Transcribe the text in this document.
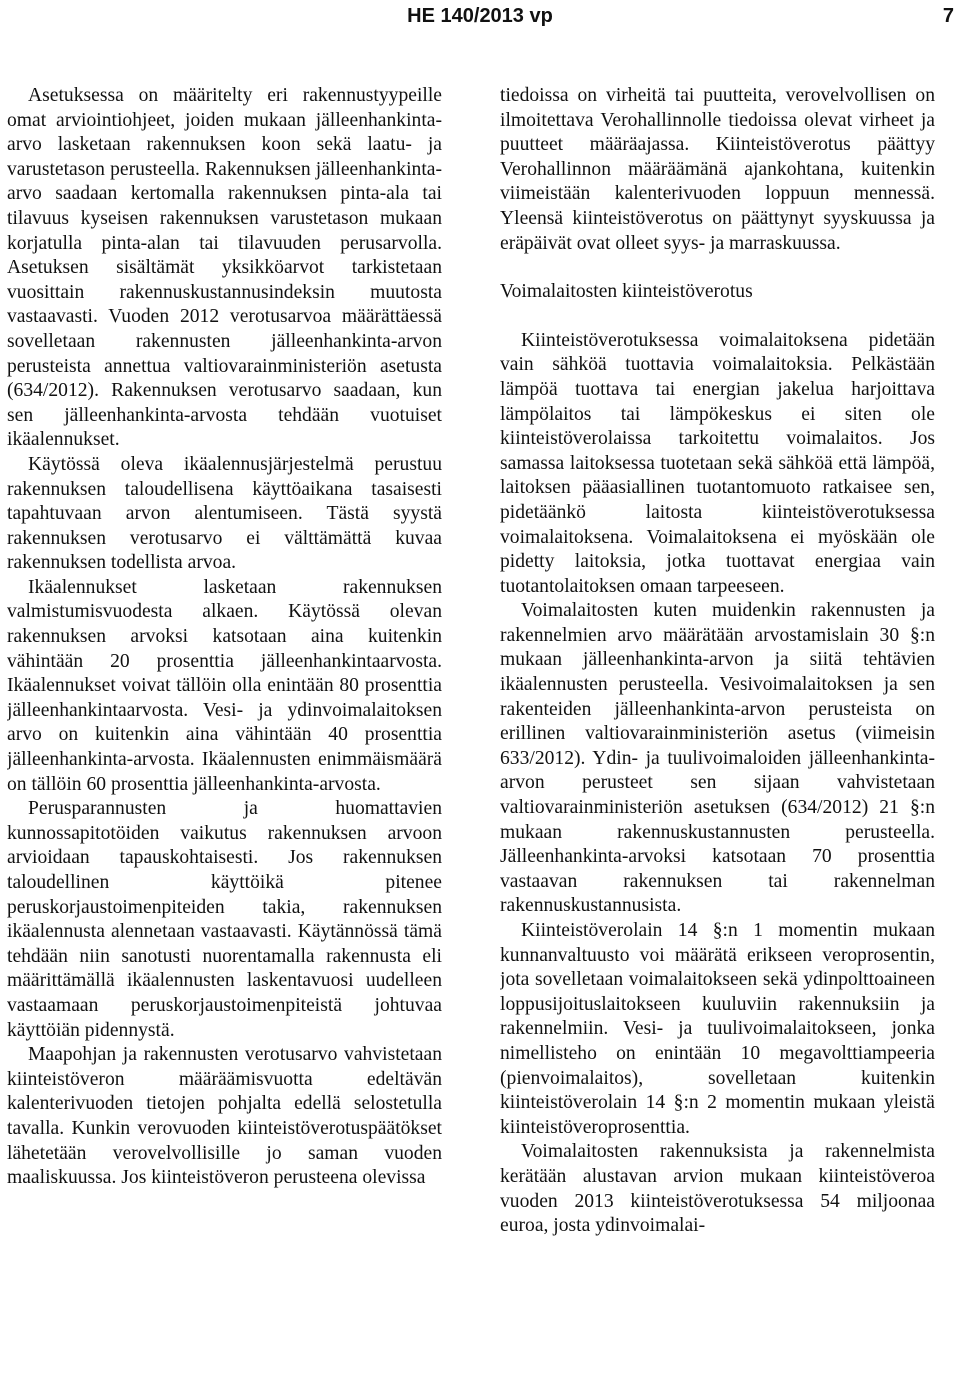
HE 140/2013 vp	7

Asetuksessa on määritelty eri rakennustyypeille omat arviointiohjeet, joiden mukaan jälleenhankinta-arvo lasketaan rakennuksen koon sekä laatu- ja varustetason perusteella. Rakennuksen jälleenhankinta-arvo saadaan kertomalla rakennuksen pinta-ala tai tilavuus kyseisen rakennuksen varustetason mukaan korjatulla pinta-alan tai tilavuuden perusarvolla. Asetuksen sisältämät yksikköarvot tarkistetaan vuosittain rakennuskustannusindeksin muutosta vastaavasti. Vuoden 2012 verotusarvoa määrättäessä sovelletaan rakennusten jälleenhankinta-arvon perusteista annettua valtiovarainministeriön asetusta (634/2012). Rakennuksen verotusarvo saadaan, kun sen jälleenhankinta-arvosta tehdään vuotuiset ikäalennukset.

Käytössä oleva ikäalennusjärjestelmä perustuu rakennuksen taloudellisena käyttöaikana tasaisesti tapahtuvaan arvon alentumiseen. Tästä syystä rakennuksen verotusarvo ei välttämättä kuvaa rakennuksen todellista arvoa.

Ikäalennukset lasketaan rakennuksen valmistumisvuodesta alkaen. Käytössä olevan rakennuksen arvoksi katsotaan aina kuitenkin vähintään 20 prosenttia jälleenhankintaarvosta. Ikäalennukset voivat tällöin olla enintään 80 prosenttia jälleenhankintaarvosta. Vesi- ja ydinvoimalaitoksen arvo on kuitenkin aina vähintään 40 prosenttia jälleenhankinta-arvosta. Ikäalennusten enimmäismäärä on tällöin 60 prosenttia jälleenhankinta-arvosta.

Perusparannusten ja huomattavien kunnossapitotöiden vaikutus rakennuksen arvoon arvioidaan tapauskohtaisesti. Jos rakennuksen taloudellinen käyttöikä pitenee peruskorjaustoimenpiteiden takia, rakennuksen ikäalennusta alennetaan vastaavasti. Käytännössä tämä tehdään niin sanotusti nuorentamalla rakennusta eli määrittämällä ikäalennusten laskentavuosi uudelleen vastaamaan peruskorjaustoimenpiteistä johtuvaa käyttöiän pidennystä.

Maapohjan ja rakennusten verotusarvo vahvistetaan kiinteistöveron määräämisvuotta edeltävän kalenterivuoden tietojen pohjalta edellä selostetulla tavalla. Kunkin verovuoden kiinteistöverotuspäätökset lähetetään verovelvollisille jo saman vuoden maaliskuussa. Jos kiinteistöveron perusteena olevissa

tiedoissa on virheitä tai puutteita, verovelvollisen on ilmoitettava Verohallinnolle tiedoissa olevat virheet ja puutteet määräajassa. Kiinteistöverotus päättyy Verohallinnon määräämänä ajankohtana, kuitenkin viimeistään kalenterivuoden loppuun mennessä. Yleensä kiinteistöverotus on päättynyt syyskuussa ja eräpäivät ovat olleet syys- ja marraskuussa.

Voimalaitosten kiinteistöverotus

Kiinteistöverotuksessa voimalaitoksena pidetään vain sähköä tuottavia voimalaitoksia. Pelkästään lämpöä tuottava tai energian jakelua harjoittava lämpölaitos tai lämpökeskus ei siten ole kiinteistöverolaissa tarkoitettu voimalaitos. Jos samassa laitoksessa tuotetaan sekä sähköä että lämpöä, laitoksen pääasiallinen tuotantomuoto ratkaisee sen, pidetäänkö laitosta kiinteistöverotuksessa voimalaitoksena. Voimalaitoksena ei myöskään ole pidetty laitoksia, jotka tuottavat energiaa vain tuotantolaitoksen omaan tarpeeseen.

Voimalaitosten kuten muidenkin rakennusten ja rakennelmien arvo määrätään arvostamislain 30 §:n mukaan jälleenhankinta-arvon ja siitä tehtävien ikäalennusten perusteella. Vesivoimalaitoksen ja sen rakenteiden jälleenhankinta-arvon perusteista on erillinen valtiovarainministeriön asetus (viimeisin 633/2012). Ydin- ja tuulivoimaloiden jälleenhankinta-arvon perusteet sen sijaan vahvistetaan valtiovarainministeriön asetuksen (634/2012) 21 §:n mukaan rakennuskustannusten perusteella. Jälleenhankinta-arvoksi katsotaan 70 prosenttia vastaavan rakennuksen tai rakennelman rakennuskustannusista.

Kiinteistöverolain 14 §:n 1 momentin mukaan kunnanvaltuusto voi määrätä erikseen veroprosentin, jota sovelletaan voimalaitokseen sekä ydinpolttoaineen loppusijoituslaitokseen kuuluviin rakennuksiin ja rakennelmiin. Vesi- ja tuulivoimalaitokseen, jonka nimellisteho on enintään 10 megavolttiampeeria (pienvoimalaitos), sovelletaan kuitenkin kiinteistöverolain 14 §:n 2 momentin mukaan yleistä kiinteistöveroprosenttia.

Voimalaitosten rakennuksista ja rakennelmista kerätään alustavan arvion mukaan kiinteistöveroa vuoden 2013 kiinteistöverotuksessa 54 miljoonaa euroa, josta ydinvoimalai-
